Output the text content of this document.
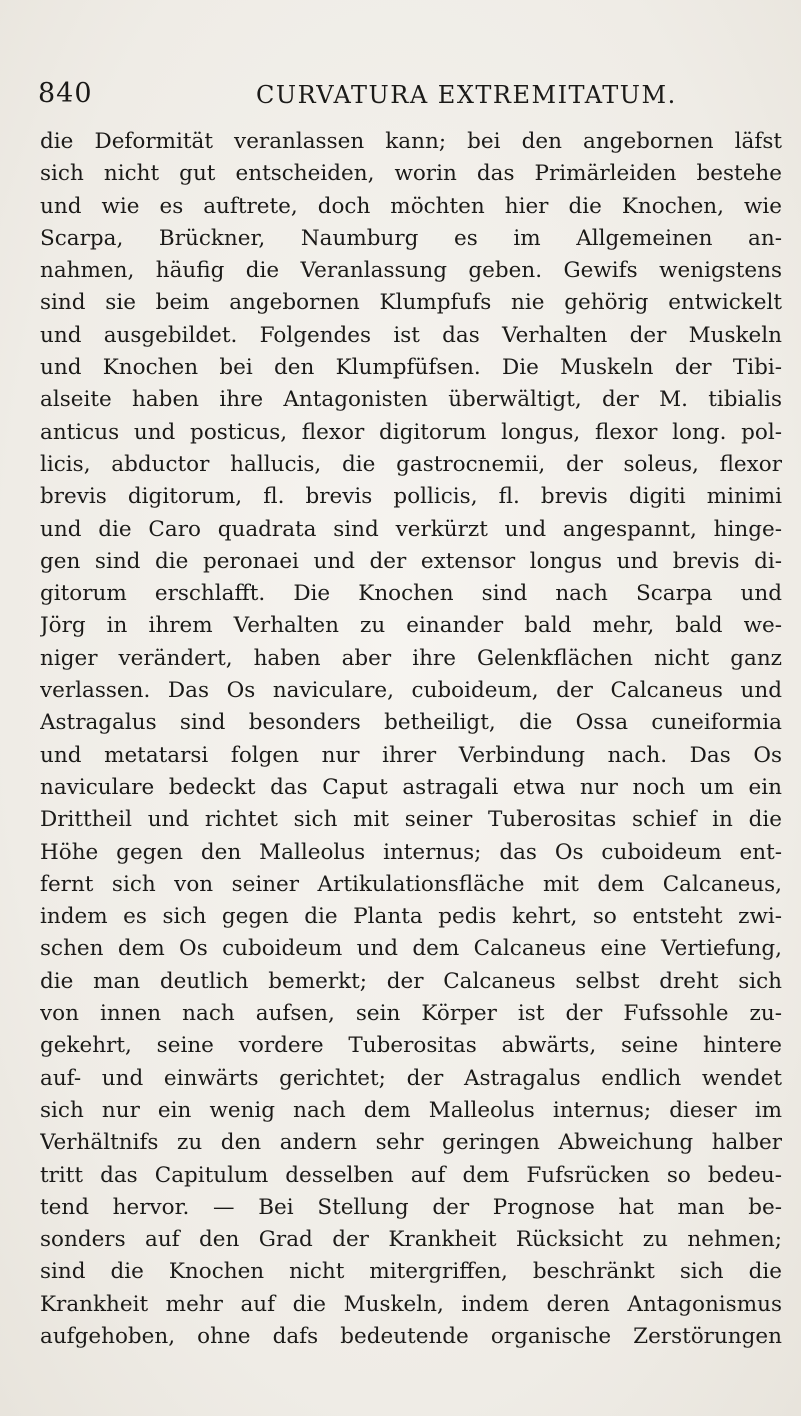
840	CURVATURA EXTREMITATUM.
die Deformität veranlassen kann; bei den angebornen läfst
sich nicht gut entscheiden, worin das Primärleiden bestehe
und wie es auftrete, doch möchten hier die Knochen, wie
Scarpa, Brückner, Naumburg es im Allgemeinen an-
nahmen, häufig die Veranlassung geben. Gewifs wenigstens
sind sie beim angebornen Klumpfufs nie gehörig entwickelt
und ausgebildet. Folgendes ist das Verhalten der Muskeln
und Knochen bei den Klumpfüfsen. Die Muskeln der Tibi-
alseite haben ihre Antagonisten überwältigt, der M. tibialis
anticus und posticus, flexor digitorum longus, flexor long. pol-
licis, abductor hallucis, die gastrocnemii, der soleus, flexor
brevis digitorum, fl. brevis pollicis, fl. brevis digiti minimi
und die Caro quadrata sind verkürzt und angespannt, hinge-
gen sind die peronaei und der extensor longus und brevis di-
gitorum erschlafft. Die Knochen sind nach Scarpa und
Jörg in ihrem Verhalten zu einander bald mehr, bald we-
niger verändert, haben aber ihre Gelenkflächen nicht ganz
verlassen. Das Os naviculare, cuboideum, der Calcaneus und
Astragalus sind besonders betheiligt, die Ossa cuneiformia
und metatarsi folgen nur ihrer Verbindung nach. Das Os
naviculare bedeckt das Caput astragali etwa nur noch um ein
Drittheil und richtet sich mit seiner Tuberositas schief in die
Höhe gegen den Malleolus internus; das Os cuboideum ent-
fernt sich von seiner Artikulationsfläche mit dem Calcaneus,
indem es sich gegen die Planta pedis kehrt, so entsteht zwi-
schen dem Os cuboideum und dem Calcaneus eine Vertiefung,
die man deutlich bemerkt; der Calcaneus selbst dreht sich
von innen nach aufsen, sein Körper ist der Fufssohle zu-
gekehrt, seine vordere Tuberositas abwärts, seine hintere
auf- und einwärts gerichtet; der Astragalus endlich wendet
sich nur ein wenig nach dem Malleolus internus; dieser im
Verhältnifs zu den andern sehr geringen Abweichung halber
tritt das Capitulum desselben auf dem Fufsrücken so bedeu-
tend hervor. — Bei Stellung der Prognose hat man be-
sonders auf den Grad der Krankheit Rücksicht zu nehmen;
sind die Knochen nicht mitergriffen, beschränkt sich die
Krankheit mehr auf die Muskeln, indem deren Antagonismus
aufgehoben, ohne dafs bedeutende organische Zerstörungen
